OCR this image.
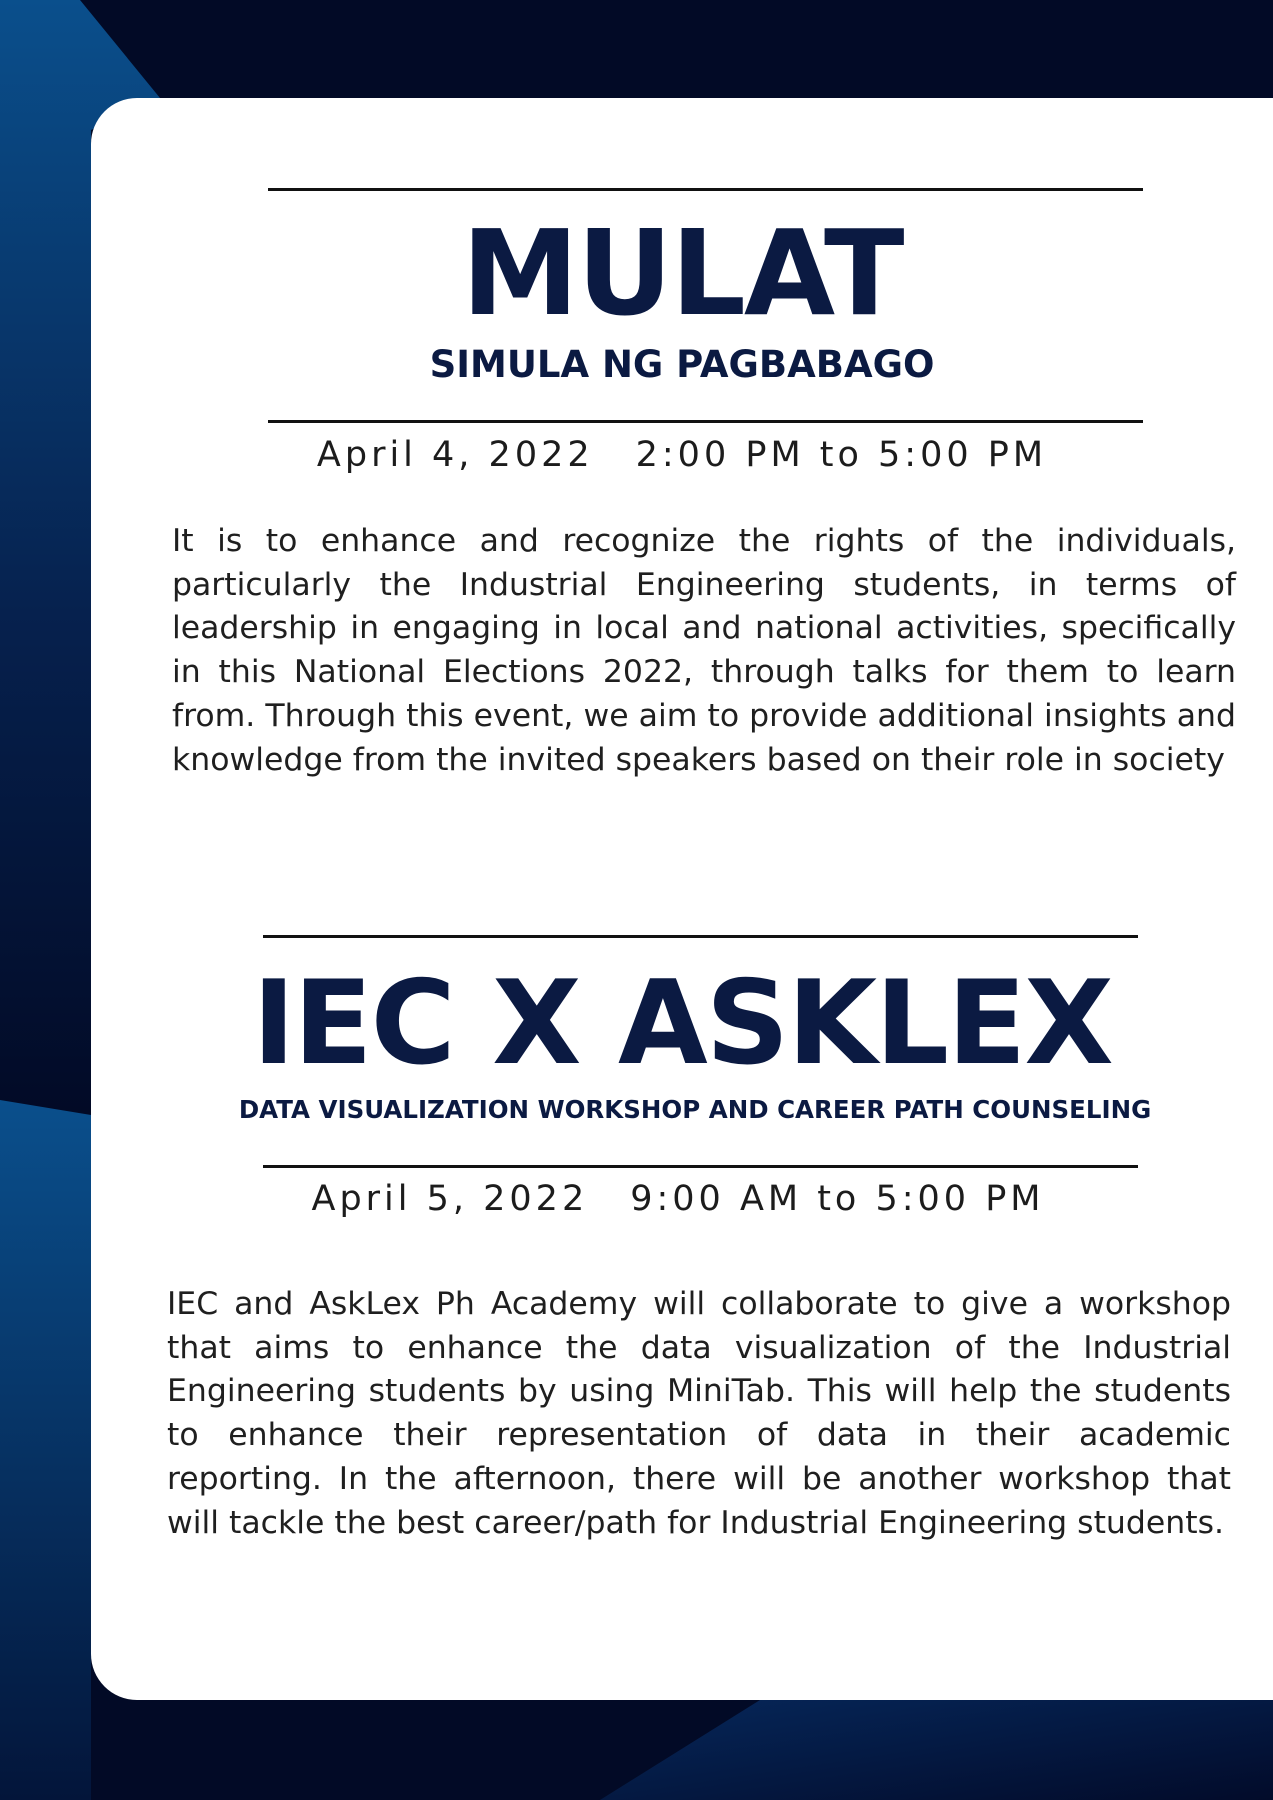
MULAT
SIMULA NG PAGBABAGO

April 4, 2022 2:00 PM to 5:00 PM

It is to enhance and recognize the rights of the individuals, particularly the Industrial Engineering students, in terms of leadership in engaging in local and national activities, specifically in this National Elections 2022, through talks for them to learn from. Through this event, we aim to provide additional insights and knowledge from the invited speakers based on their role in society

IEC X ASKLEX
DATA VISUALIZATION WORKSHOP AND CAREER PATH COUNSELING

April 5, 2022 9:00 AM to 5:00 PM

IEC and AskLex Ph Academy will collaborate to give a workshop that aims to enhance the data visualization of the Industrial Engineering students by using MiniTab. This will help the students to enhance their representation of data in their academic reporting. In the afternoon, there will be another workshop that will tackle the best career/path for Industrial Engineering students.
